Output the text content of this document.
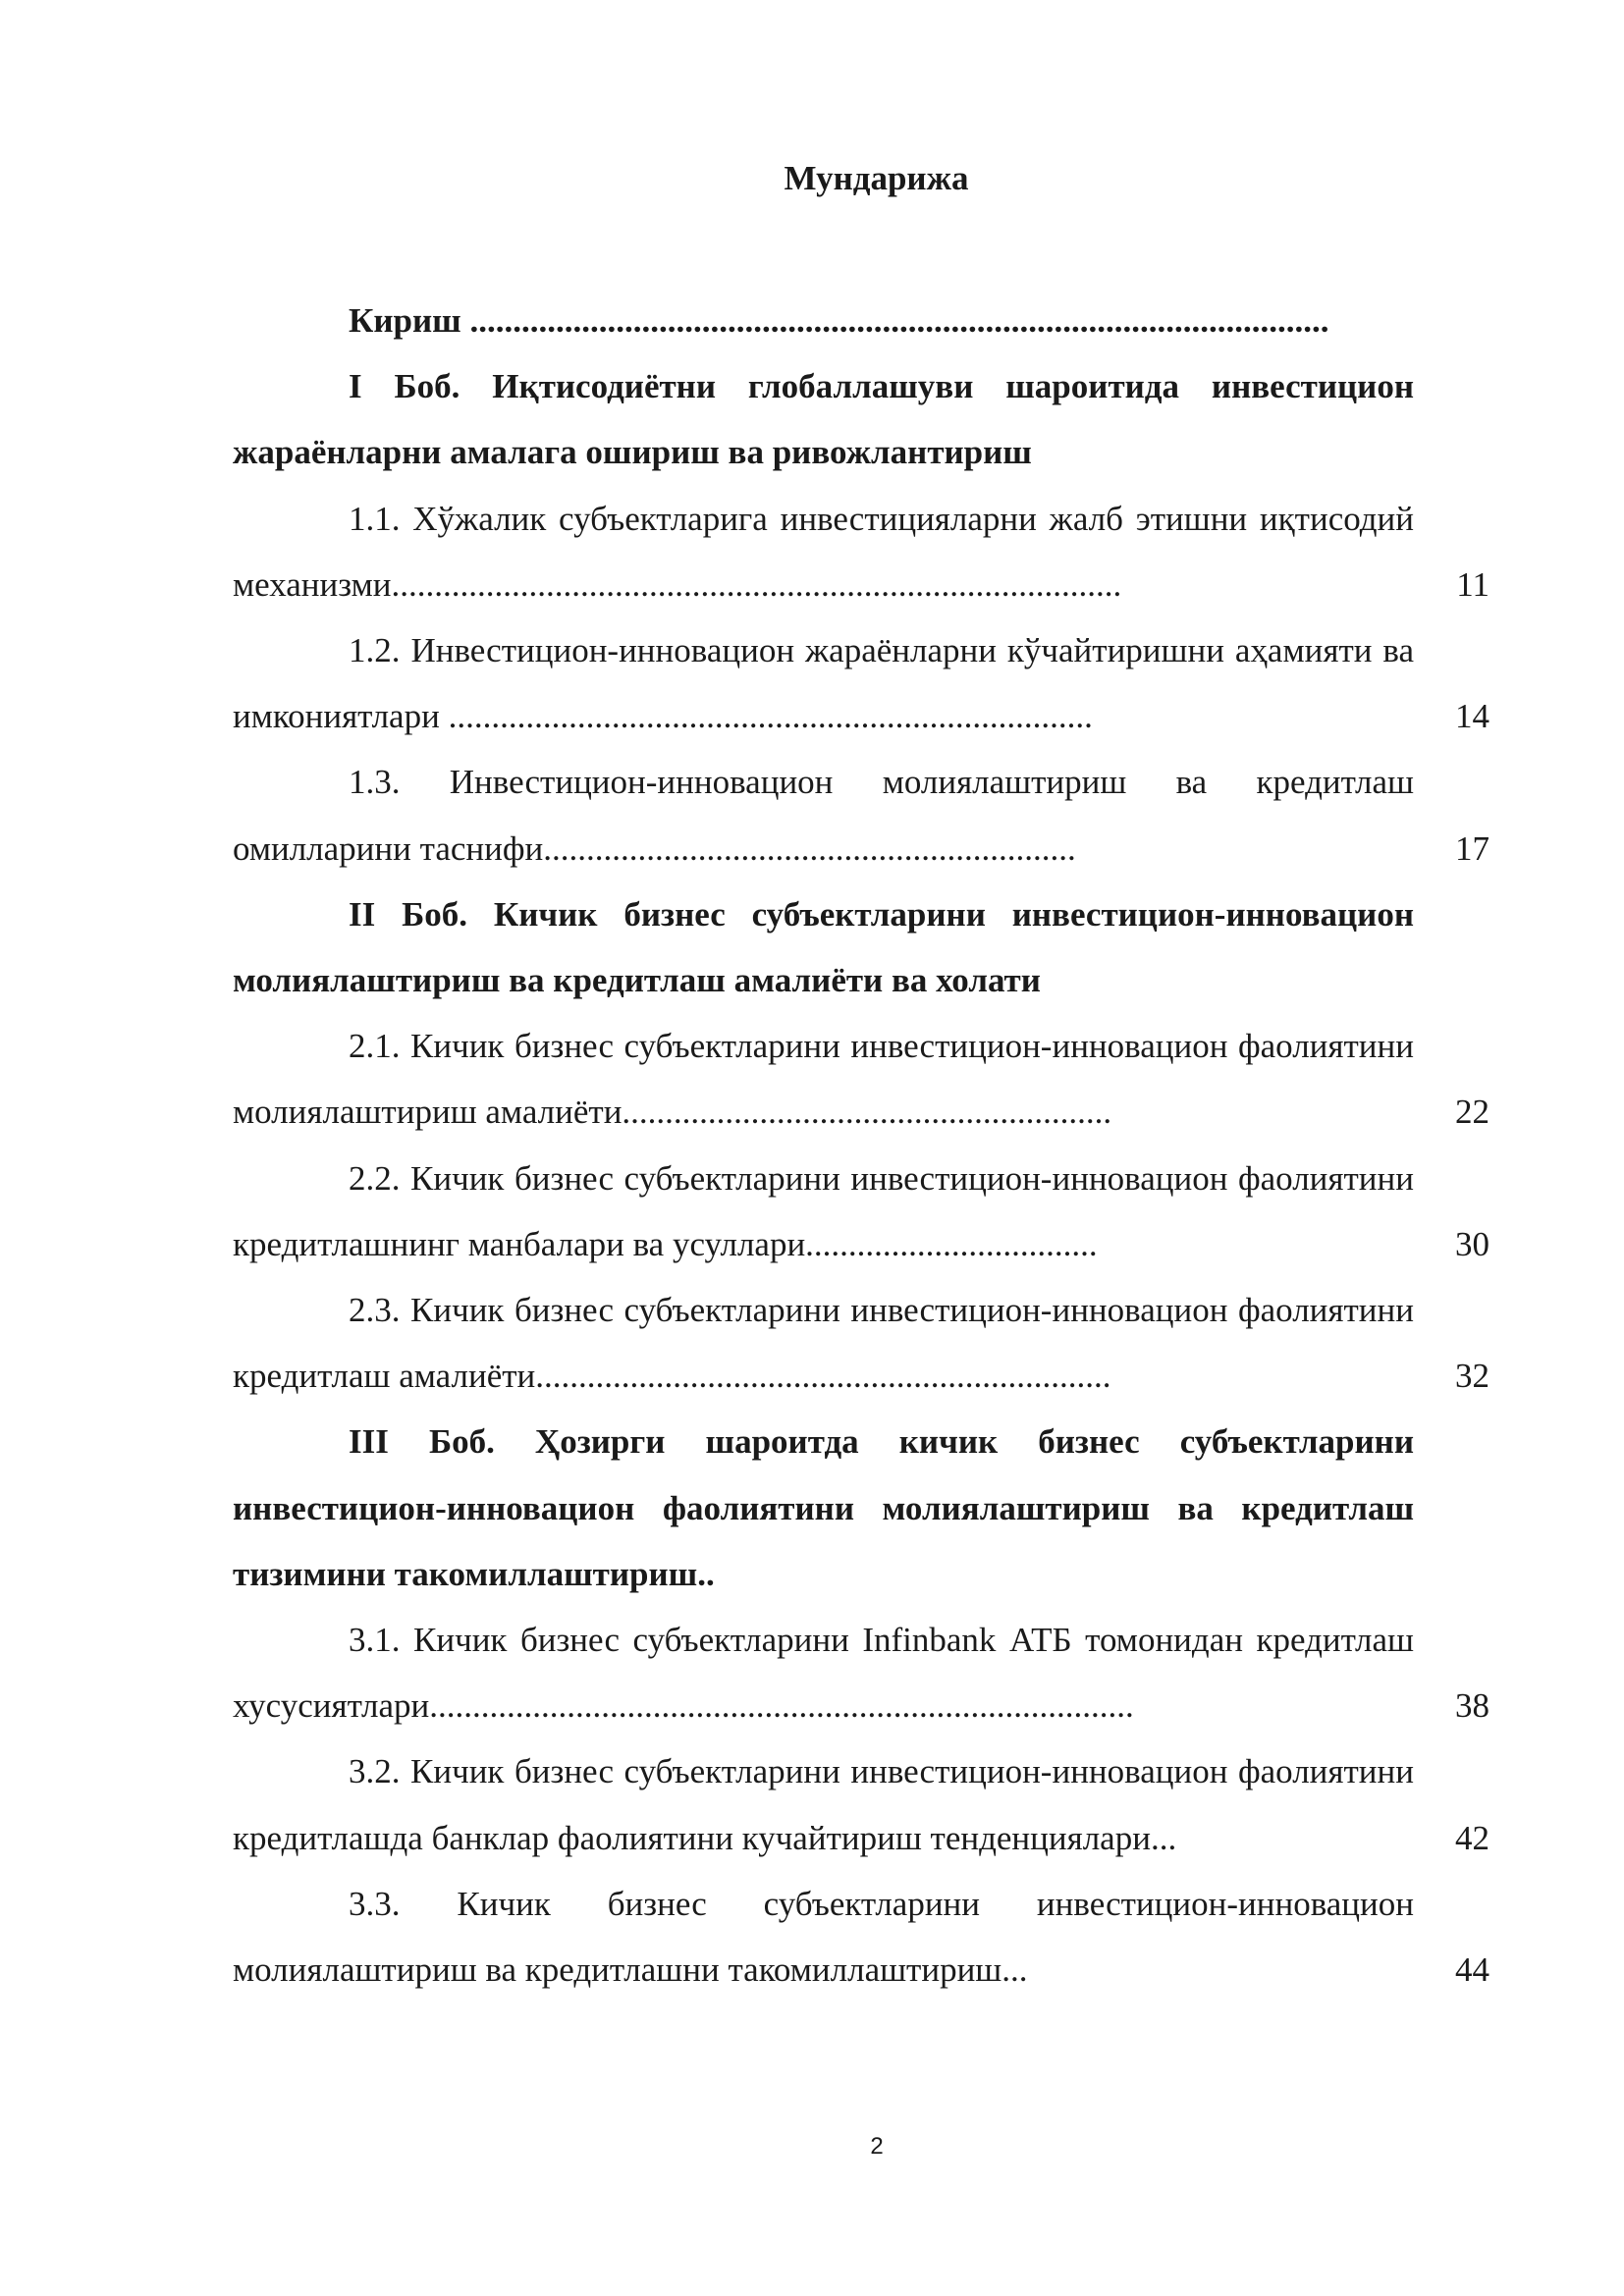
Мундарижа
Кириш ....................................................................................................
I Боб. Иқтисодиётни глобаллашуви шароитида инвестицион жараёнларни амалага ошириш ва ривожлантириш
1.1. Хўжалик субъектларига инвестицияларни жалб этишни иқтисодий механизми.....................................................................................	11
1.2. Инвестицион-инновацион жараёнларни кўчайтиришни аҳамияти ва имкониятлари ...........................................................................	14
1.3. Инвестицион-инновацион молиялаштириш ва кредитлаш омилларини таснифи..............................................................	17
II Боб. Кичик бизнес субъектларини инвестицион-инновацион молиялаштириш ва кредитлаш амалиёти ва холати
2.1. Кичик бизнес субъектларини инвестицион-инновацион фаолиятини молиялаштириш амалиёти.........................................................	22
2.2. Кичик бизнес субъектларини инвестицион-инновацион фаолиятини кредитлашнинг манбалари ва усуллари..................................	30
2.3. Кичик бизнес субъектларини инвестицион-инновацион фаолиятини кредитлаш амалиёти...................................................................	32
III Боб. Ҳозирги шароитда кичик бизнес субъектларини инвестицион-инновацион фаолиятини молиялаштириш ва кредитлаш тизимини такомиллаштириш..
3.1. Кичик бизнес субъектларини Infinbank АТБ томонидан кредитлаш хусусиятлари..................................................................................	38
3.2. Кичик бизнес субъектларини инвестицион-инновацион фаолиятини кредитлашда банклар фаолиятини кучайтириш тенденциялари...	42
3.3. Кичик бизнес субъектларини инвестицион-инновацион молиялаштириш ва кредитлашни такомиллаштириш...	44
2
